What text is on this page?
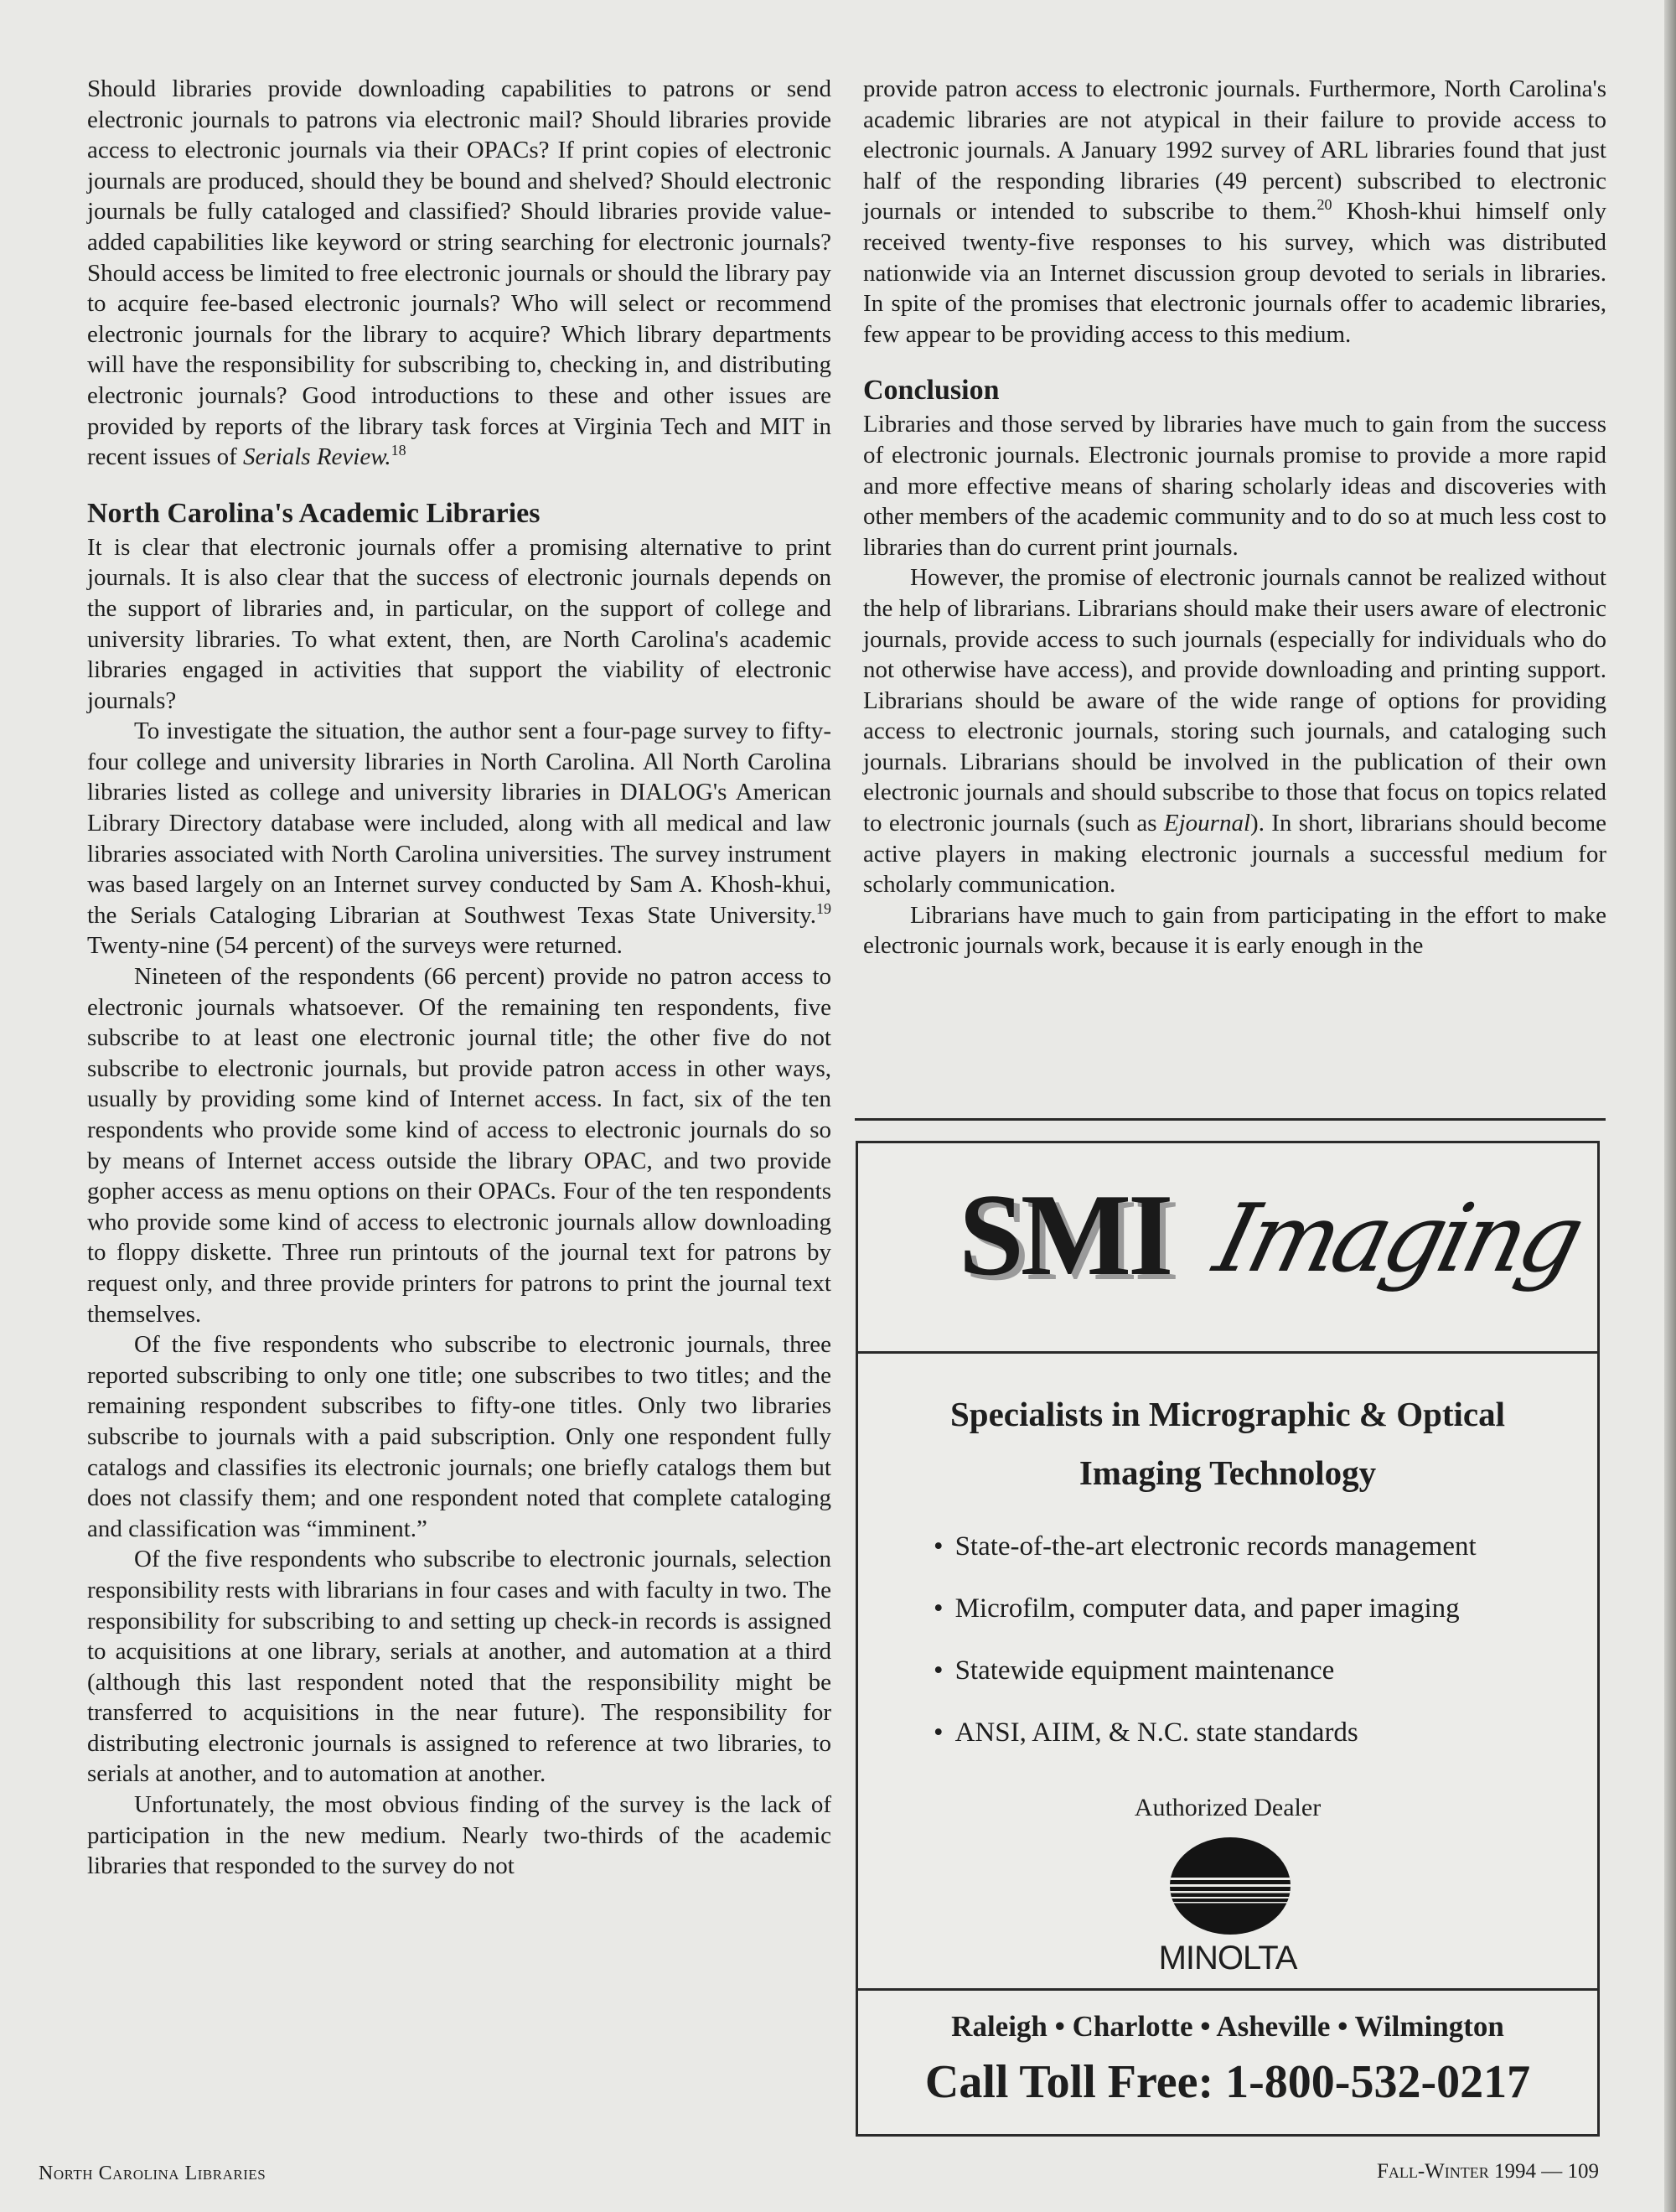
Should libraries provide downloading capabilities to patrons or send electronic journals to patrons via electronic mail? Should libraries provide access to electronic journals via their OPACs? If print copies of electronic journals are produced, should they be bound and shelved? Should electronic journals be fully cataloged and classified? Should libraries provide value-added capabilities like keyword or string searching for electronic journals? Should access be limited to free electronic journals or should the library pay to acquire fee-based electronic journals? Who will select or recommend electronic journals for the library to acquire? Which library departments will have the responsibility for subscribing to, checking in, and distributing electronic journals? Good introductions to these and other issues are provided by reports of the library task forces at Virginia Tech and MIT in recent issues of Serials Review.$^{18}$

North Carolina's Academic Libraries

It is clear that electronic journals offer a promising alternative to print journals. It is also clear that the success of electronic journals depends on the support of libraries and, in particular, on the support of college and university libraries. To what extent, then, are North Carolina's academic libraries engaged in activities that support the viability of electronic journals?

To investigate the situation, the author sent a four-page survey to fifty-four college and university libraries in North Carolina. All North Carolina libraries listed as college and university libraries in DIALOG's American Library Directory database were included, along with all medical and law libraries associated with North Carolina universities. The survey instrument was based largely on an Internet survey conducted by Sam A. Khosh-khui, the Serials Cataloging Librarian at Southwest Texas State University.$^{19}$ Twenty-nine (54 percent) of the surveys were returned.

Nineteen of the respondents (66 percent) provide no patron access to electronic journals whatsoever. Of the remaining ten respondents, five subscribe to at least one electronic journal title; the other five do not subscribe to electronic journals, but provide patron access in other ways, usually by providing some kind of Internet access. In fact, six of the ten respondents who provide some kind of access to electronic journals do so by means of Internet access outside the library OPAC, and two provide gopher access as menu options on their OPACs. Four of the ten respondents who provide some kind of access to electronic journals allow downloading to floppy diskette. Three run printouts of the journal text for patrons by request only, and three provide printers for patrons to print the journal text themselves.

Of the five respondents who subscribe to electronic journals, three reported subscribing to only one title; one subscribes to two titles; and the remaining respondent subscribes to fifty-one titles. Only two libraries subscribe to journals with a paid subscription. Only one respondent fully catalogs and classifies its electronic journals; one briefly catalogs them but does not classify them; and one respondent noted that complete cataloging and classification was “imminent.”

Of the five respondents who subscribe to electronic journals, selection responsibility rests with librarians in four cases and with faculty in two. The responsibility for subscribing to and setting up check-in records is assigned to acquisitions at one library, serials at another, and automation at a third (although this last respondent noted that the responsibility might be transferred to acquisitions in the near future). The responsibility for distributing electronic journals is assigned to reference at two libraries, to serials at another, and to automation at another.

Unfortunately, the most obvious finding of the survey is the lack of participation in the new medium. Nearly two-thirds of the academic libraries that responded to the survey do not

provide patron access to electronic journals. Furthermore, North Carolina's academic libraries are not atypical in their failure to provide access to electronic journals. A January 1992 survey of ARL libraries found that just half of the responding libraries (49 percent) subscribed to electronic journals or intended to subscribe to them.$^{20}$ Khosh-khui himself only received twenty-five responses to his survey, which was distributed nationwide via an Internet discussion group devoted to serials in libraries. In spite of the promises that electronic journals offer to academic libraries, few appear to be providing access to this medium.

Conclusion

Libraries and those served by libraries have much to gain from the success of electronic journals. Electronic journals promise to provide a more rapid and more effective means of sharing scholarly ideas and discoveries with other members of the academic community and to do so at much less cost to libraries than do current print journals.

However, the promise of electronic journals cannot be realized without the help of librarians. Librarians should make their users aware of electronic journals, provide access to such journals (especially for individuals who do not otherwise have access), and provide downloading and printing support. Librarians should be aware of the wide range of options for providing access to electronic journals, storing such journals, and cataloging such journals. Librarians should be involved in the publication of their own electronic journals and should subscribe to those that focus on topics related to electronic journals (such as Ejournal). In short, librarians should become active players in making electronic journals a successful medium for scholarly communication.

Librarians have much to gain from participating in the effort to make electronic journals work, because it is early enough in the

SMI Imaging
Specialists in Micrographic & Optical
Imaging Technology
• State-of-the-art electronic records management
• Microfilm, computer data, and paper imaging
• Statewide equipment maintenance
• ANSI, AIIM, & N.C. state standards
Authorized Dealer
MINOLTA
Raleigh • Charlotte • Asheville • Wilmington
Call Toll Free: 1-800-532-0217
North Carolina Libraries	Fall-Winter 1994 — 109
